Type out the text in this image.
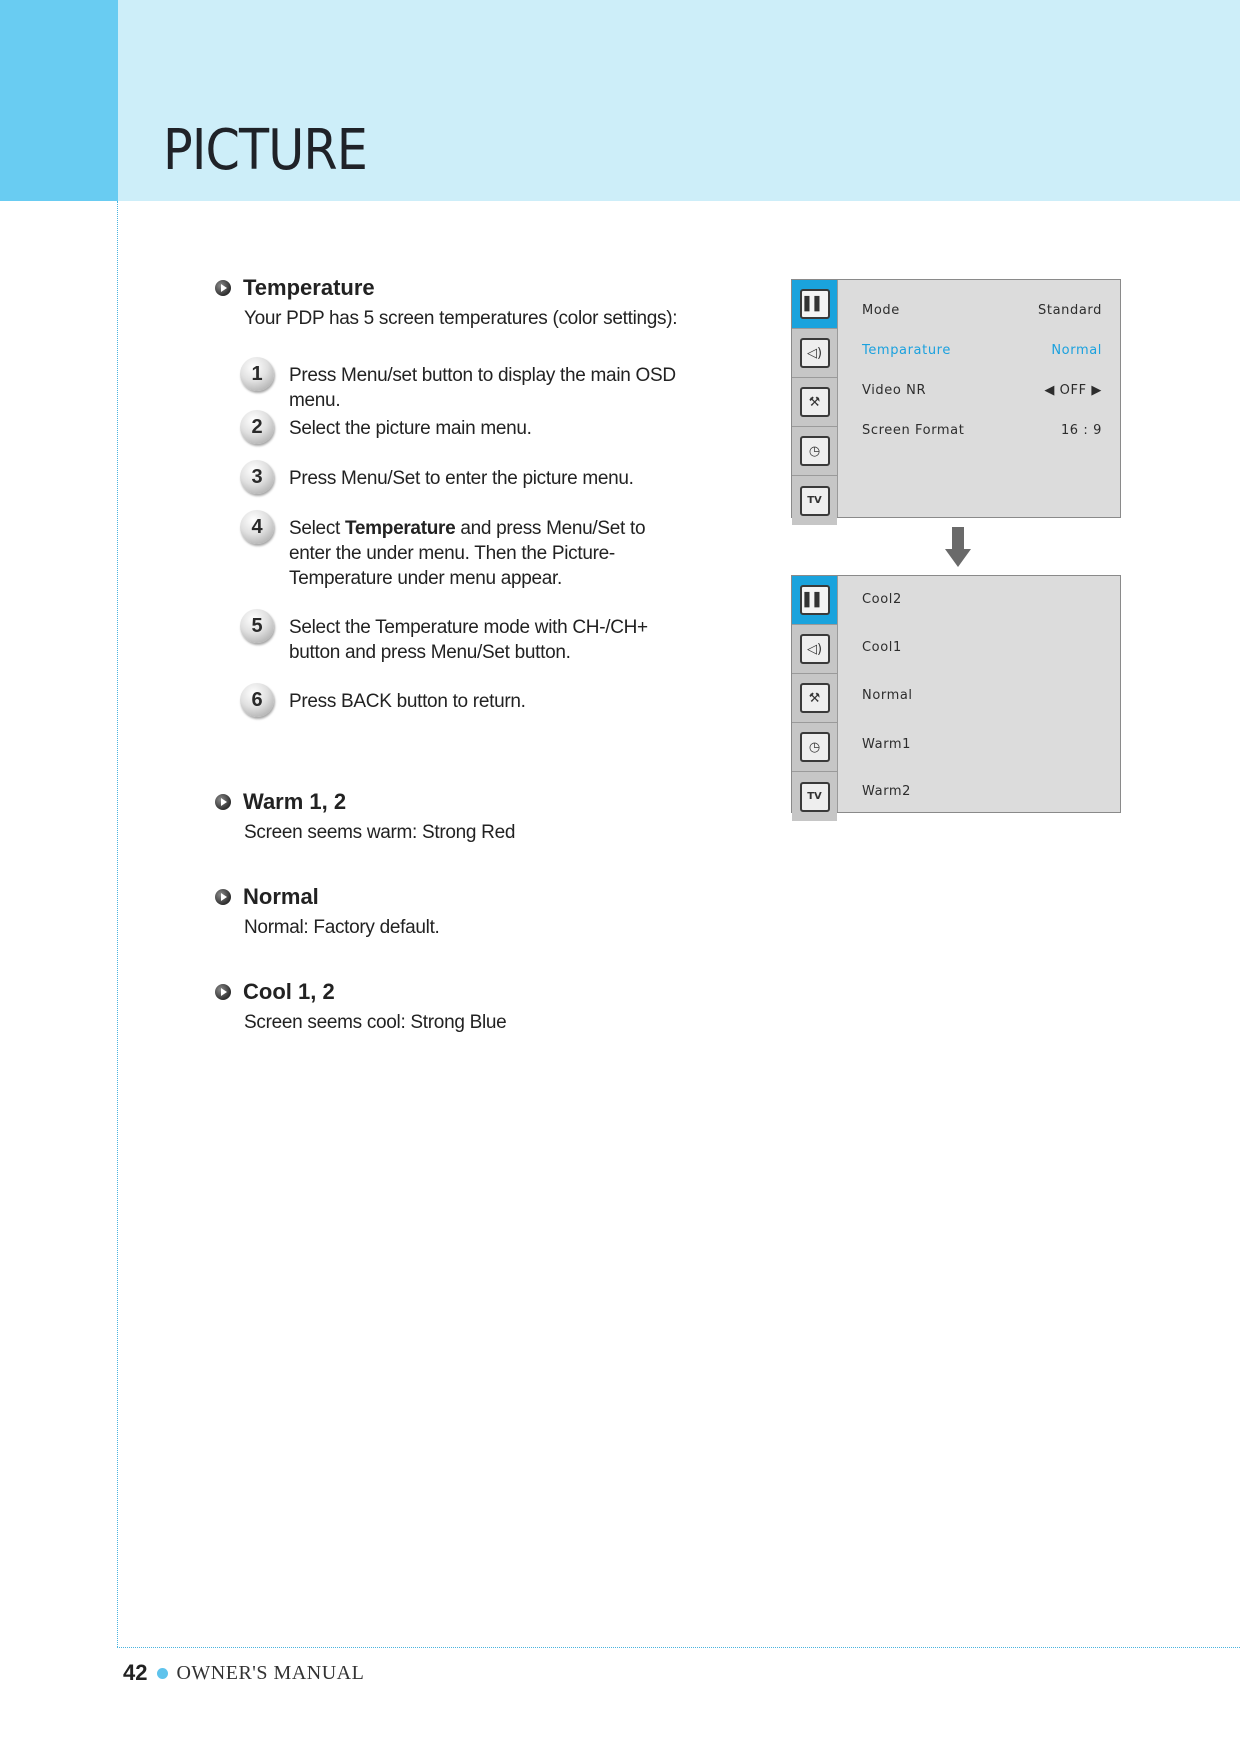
PICTURE
Temperature
Your PDP has 5 screen temperatures (color settings):
1	Press Menu/set button to display the main OSD menu.
2	Select the picture main menu.
3	Press Menu/Set to enter the picture menu.
4	Select Temperature and press Menu/Set to enter the under menu. Then the Picture-Temperature under menu appear.
5	Select the Temperature mode with CH-/CH+ button and press Menu/Set button.
6	Press BACK button to return.
Warm 1, 2
Screen seems warm: Strong Red
Normal
Normal: Factory default.
Cool 1, 2
Screen seems cool: Strong Blue
▌▌
◁)
⚒
◷
TV
Mode	Standard
Temparature	Normal
Video NR	◀ OFF ▶
Screen Format	16 : 9
▌▌
◁)
⚒
◷
TV
Cool2
Cool1
Normal
Warm1
Warm2
42 OWNER'S MANUAL
